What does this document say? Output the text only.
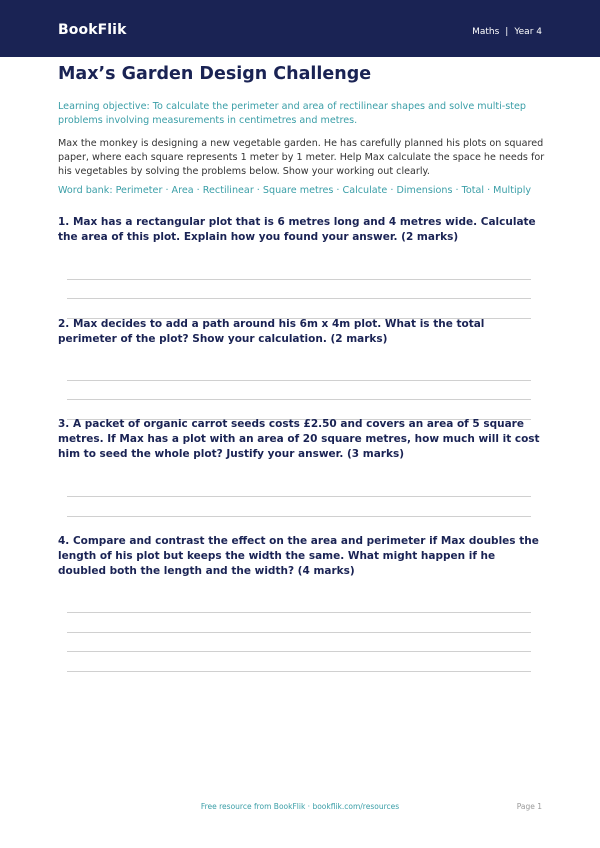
BookFlik	Maths | Year 4
Max’s Garden Design Challenge
Learning objective: To calculate the perimeter and area of rectilinear shapes and solve multi-step problems involving measurements in centimetres and metres.
Max the monkey is designing a new vegetable garden. He has carefully planned his plots on squared paper, where each square represents 1 meter by 1 meter. Help Max calculate the space he needs for his vegetables by solving the problems below. Show your working out clearly.
Word bank: Perimeter · Area · Rectilinear · Square metres · Calculate · Dimensions · Total · Multiply
1. Max has a rectangular plot that is 6 metres long and 4 metres wide. Calculate the area of this plot. Explain how you found your answer. (2 marks)
2. Max decides to add a path around his 6m x 4m plot. What is the total perimeter of the plot? Show your calculation. (2 marks)
3. A packet of organic carrot seeds costs £2.50 and covers an area of 5 square metres. If Max has a plot with an area of 20 square metres, how much will it cost him to seed the whole plot? Justify your answer. (3 marks)
4. Compare and contrast the effect on the area and perimeter if Max doubles the length of his plot but keeps the width the same. What might happen if he doubled both the length and the width? (4 marks)
Free resource from BookFlik · bookflik.com/resources	Page 1
